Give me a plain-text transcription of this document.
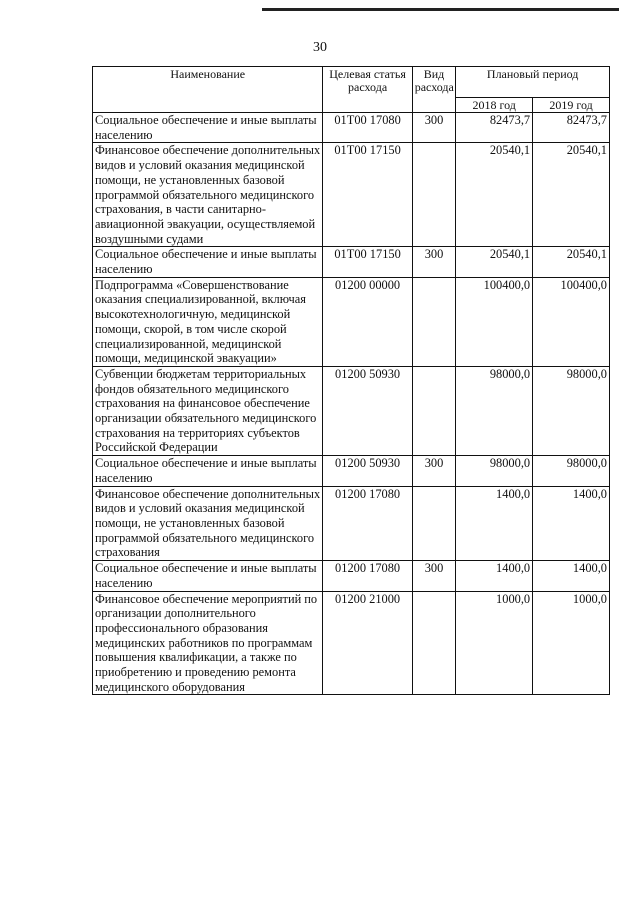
30
Наименование	Целевая статья расхода	Вид расхода	Плановый период	
			2018 год	2019 год
Социальное обеспечение и иные выплаты населению	01Т00 17080	300	82473,7	82473,7
Финансовое обеспечение дополнительных видов и условий оказания медицинской помощи, не установленных базовой программой обязательного медицинского страхования, в части санитарно-авиационной эвакуации, осуществляемой воздушными судами	01Т00 17150		20540,1	20540,1
Социальное обеспечение и иные выплаты населению	01Т00 17150	300	20540,1	20540,1
Подпрограмма «Совершенствование оказания специализированной, включая высокотехнологичную, медицинской помощи, скорой, в том числе скорой специализированной, медицинской помощи, медицинской эвакуации»	01200 00000		100400,0	100400,0
Субвенции бюджетам территориальных фондов обязательного медицинского страхования на финансовое обеспечение организации обязательного медицинского страхования на территориях субъектов Российской Федерации	01200 50930		98000,0	98000,0
Социальное обеспечение и иные выплаты населению	01200 50930	300	98000,0	98000,0
Финансовое обеспечение дополнительных видов и условий оказания медицинской помощи, не установленных базовой программой обязательного медицинского страхования	01200 17080		1400,0	1400,0
Социальное обеспечение и иные выплаты населению	01200 17080	300	1400,0	1400,0
Финансовое обеспечение мероприятий по организации дополнительного профессионального образования медицинских работников по программам повышения квалификации, а также по приобретению и проведению ремонта медицинского оборудования	01200 21000		1000,0	1000,0
